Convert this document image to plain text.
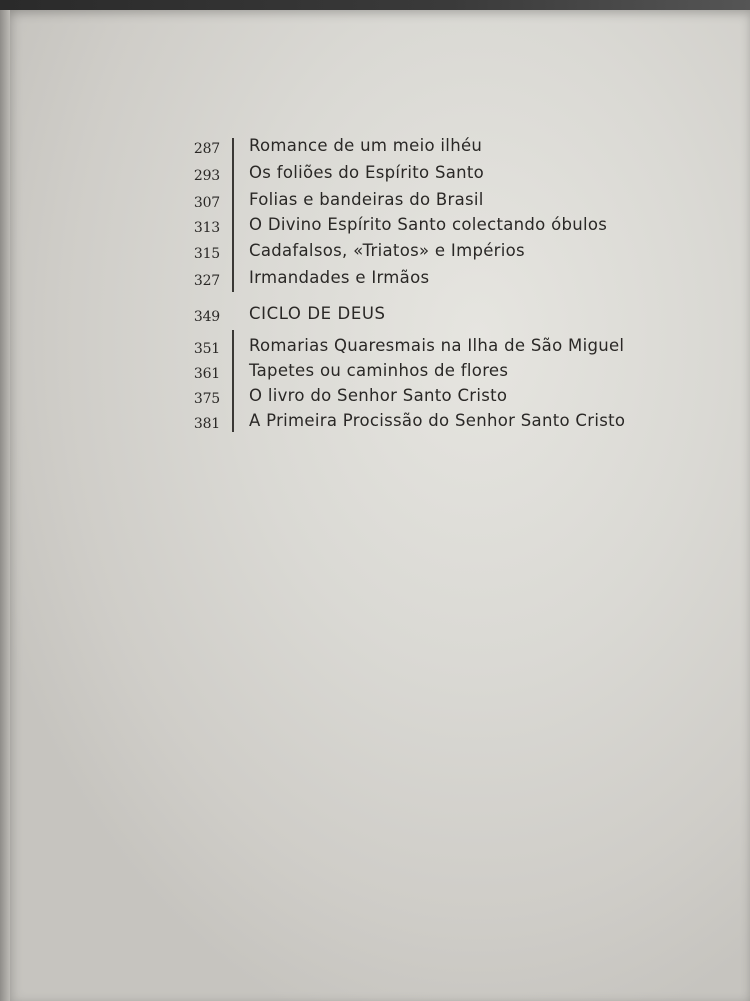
287 Romance de um meio ilhéu
293 Os foliões do Espírito Santo
307 Folias e bandeiras do Brasil
313 O Divino Espírito Santo colectando óbulos
315 Cadafalsos, «Triatos» e Impérios
327 Irmandades e Irmãos
349 CICLO DE DEUS
351 Romarias Quaresmais na Ilha de São Miguel
361 Tapetes ou caminhos de flores
375 O livro do Senhor Santo Cristo
381 A Primeira Procissão do Senhor Santo Cristo
